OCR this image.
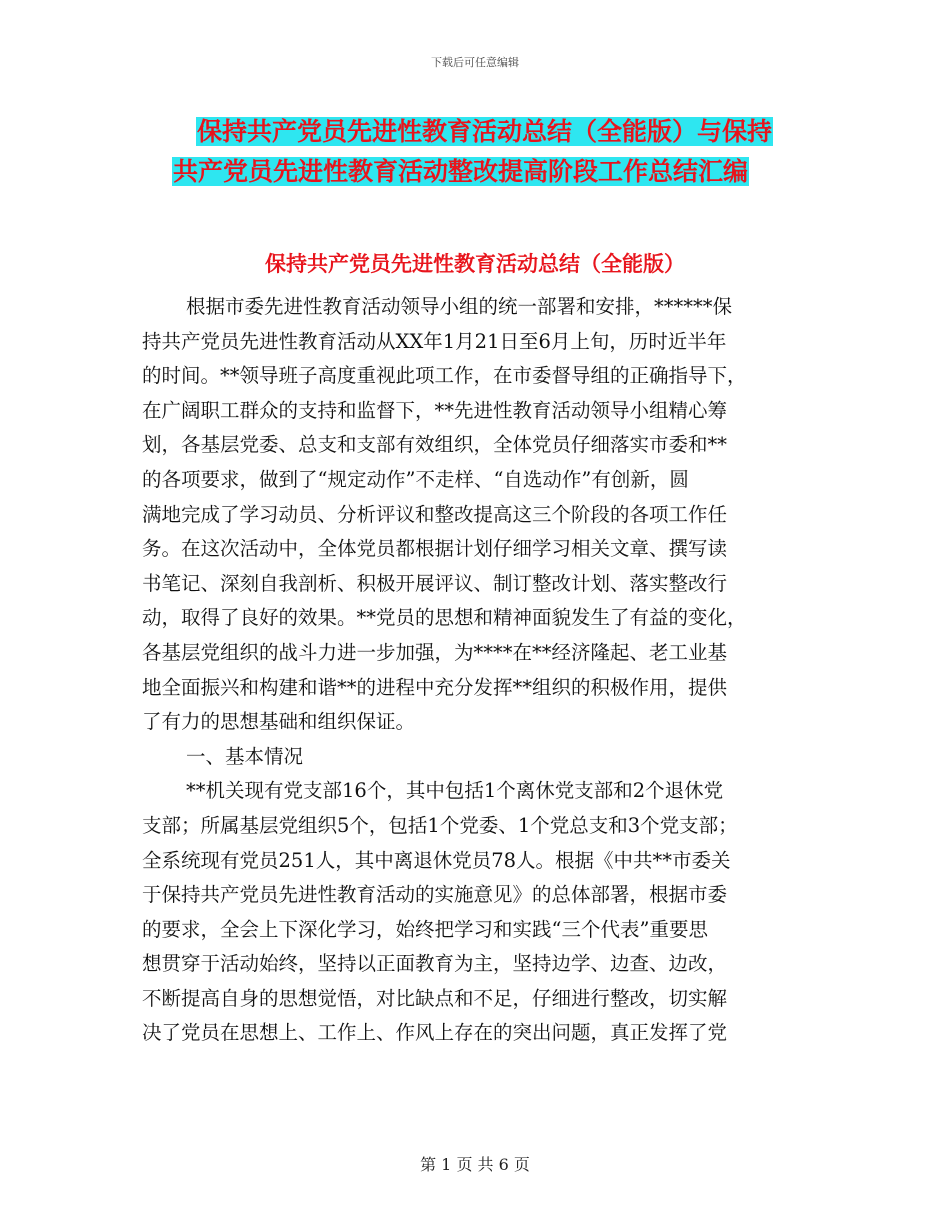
下载后可任意编辑
保持共产党员先进性教育活动总结（全能版）与保持
共产党员先进性教育活动整改提高阶段工作总结汇编
保持共产党员先进性教育活动总结（全能版）
根据市委先进性教育活动领导小组的统一部署和安排，******保
持共产党员先进性教育活动从XX年1月21日至6月上旬，历时近半年
的时间。**领导班子高度重视此项工作，在市委督导组的正确指导下，
在广阔职工群众的支持和监督下，**先进性教育活动领导小组精心筹
划，各基层党委、总支和支部有效组织，全体党员仔细落实市委和**
的各项要求，做到了“规定动作”不走样、“自选动作”有创新，圆
满地完成了学习动员、分析评议和整改提高这三个阶段的各项工作任
务。在这次活动中，全体党员都根据计划仔细学习相关文章、撰写读
书笔记、深刻自我剖析、积极开展评议、制订整改计划、落实整改行
动，取得了良好的效果。**党员的思想和精神面貌发生了有益的变化，
各基层党组织的战斗力进一步加强，为****在**经济隆起、老工业基
地全面振兴和构建和谐**的进程中充分发挥**组织的积极作用，提供
了有力的思想基础和组织保证。
一、基本情况
**机关现有党支部16个，其中包括1个离休党支部和2个退休党
支部；所属基层党组织5个，包括1个党委、1个党总支和3个党支部；
全系统现有党员251人，其中离退休党员78人。根据《中共**市委关
于保持共产党员先进性教育活动的实施意见》的总体部署，根据市委
的要求，全会上下深化学习，始终把学习和实践“三个代表”重要思
想贯穿于活动始终，坚持以正面教育为主，坚持边学、边查、边改，
不断提高自身的思想觉悟，对比缺点和不足，仔细进行整改，切实解
决了党员在思想上、工作上、作风上存在的突出问题，真正发挥了党
第 1 页 共 6 页
